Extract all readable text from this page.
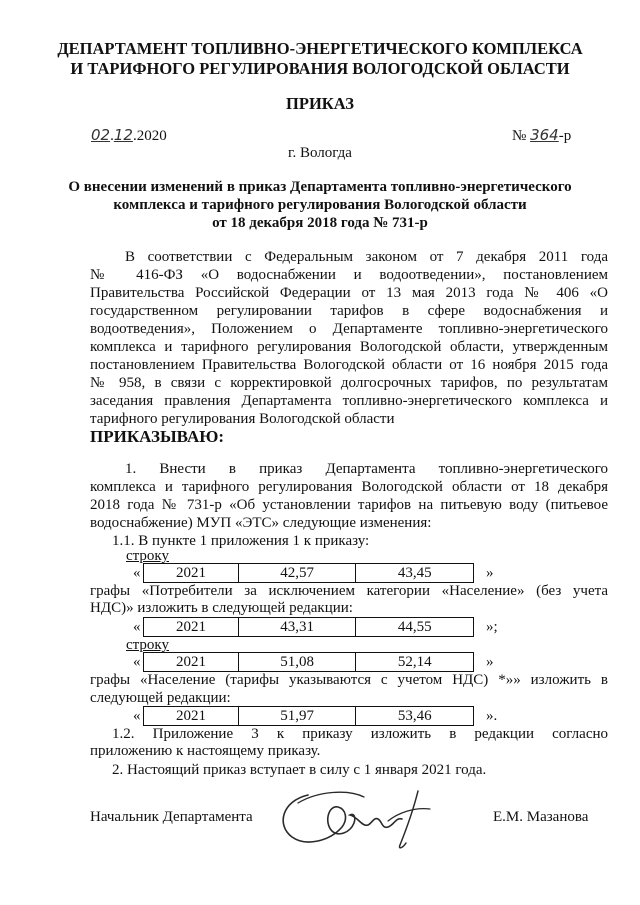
ДЕПАРТАМЕНТ ТОПЛИВНО-ЭНЕРГЕТИЧЕСКОГО КОМПЛЕКСА
И ТАРИФНОГО РЕГУЛИРОВАНИЯ ВОЛОГОДСКОЙ ОБЛАСТИ
ПРИКАЗ
02.12.2020	№ 364-р
г. Вологда
О внесении изменений в приказ Департамента топливно-энергетического
комплекса и тарифного регулирования Вологодской области
от 18 декабря 2018 года № 731-р
В соответствии с Федеральным законом от 7 декабря 2011 года
№ 416-ФЗ «О водоснабжении и водоотведении», постановлением
Правительства Российской Федерации от 13 мая 2013 года № 406 «О
государственном регулировании тарифов в сфере водоснабжения и
водоотведения», Положением о Департаменте топливно-энергетического
комплекса и тарифного регулирования Вологодской области, утвержденным
постановлением Правительства Вологодской области от 16 ноября 2015 года
№ 958, в связи с корректировкой долгосрочных тарифов, по результатам
заседания правления Департамента топливно-энергетического комплекса и
тарифного регулирования Вологодской области
ПРИКАЗЫВАЮ:
1. Внести в приказ Департамента топливно-энергетического
комплекса и тарифного регулирования Вологодской области от 18 декабря
2018 года № 731-р «Об установлении тарифов на питьевую воду (питьевое
водоснабжение) МУП «ЭТС» следующие изменения:
1.1. В пункте 1 приложения 1 к приказу:
строку
« 2021	42,57	43,45	»
графы «Потребители за исключением категории «Население» (без учета
НДС)» изложить в следующей редакции:
« 2021	43,31	44,55	»;
строку
« 2021	51,08	52,14	»
графы «Население (тарифы указываются с учетом НДС) *»» изложить в
следующей редакции:
« 2021	51,97	53,46	».
1.2. Приложение 3 к приказу изложить в редакции согласно
приложению к настоящему приказу.
2. Настоящий приказ вступает в силу с 1 января 2021 года.
Начальник Департамента	Е.М. Мазанова
